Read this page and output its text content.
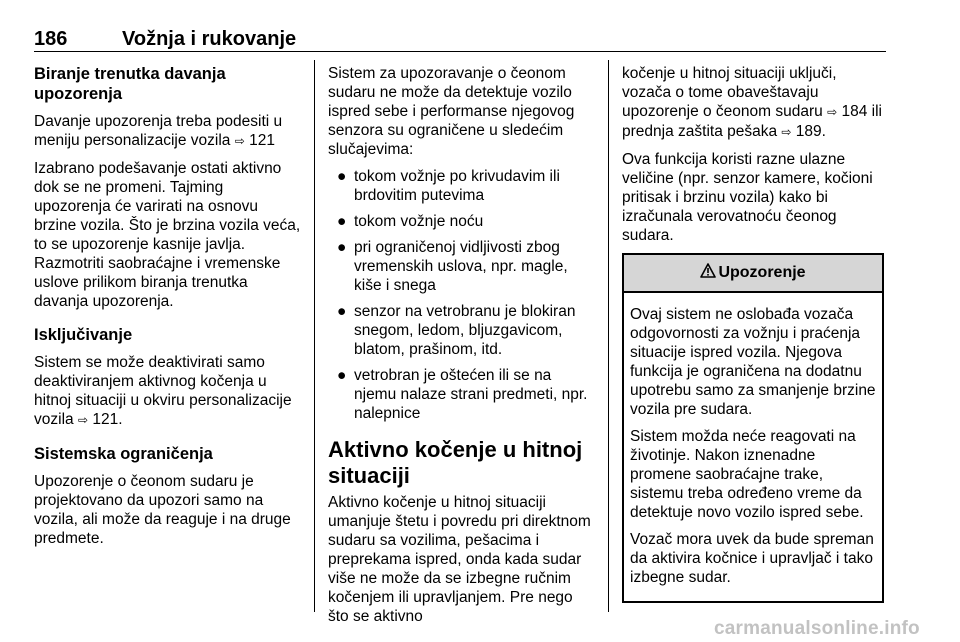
186	Vožnja i rukovanje
Biranje trenutka davanja upozorenja

Davanje upozorenja treba podesiti u meniju personalizacije vozila ⇨ 121

Izabrano podešavanje ostati aktivno dok se ne promeni. Tajming upozorenja će varirati na osnovu brzine vozila. Što je brzina vozila veća, to se upozorenje kasnije javlja. Razmotriti saobraćajne i vremenske uslove prilikom biranja trenutka davanja upozorenja.

Isključivanje

Sistem se može deaktivirati samo deaktiviranjem aktivnog kočenja u hitnoj situaciji u okviru personalizacije vozila ⇨ 121.

Sistemska ograničenja

Upozorenje o čeonom sudaru je projektovano da upozori samo na vozila, ali može da reaguje i na druge predmete.

Sistem za upozoravanje o čeonom sudaru ne može da detektuje vozilo ispred sebe i performanse njegovog senzora su ograničene u sledećim slučajevima:

● tokom vožnje po krivudavim ili brdovitim putevima
● tokom vožnje noću
● pri ograničenoj vidljivosti zbog vremenskih uslova, npr. magle, kiše i snega
● senzor na vetrobranu je blokiran snegom, ledom, bljuzgavicom, blatom, prašinom, itd.
● vetrobran je oštećen ili se na njemu nalaze strani predmeti, npr. nalepnice
Aktivno kočenje u hitnoj situaciji

Aktivno kočenje u hitnoj situaciji umanjuje štetu i povredu pri direktnom sudaru sa vozilima, pešacima i preprekama ispred, onda kada sudar više ne može da se izbegne ručnim kočenjem ili upravljanjem. Pre nego što se aktivno

kočenje u hitnoj situaciji uključi, vozača o tome obaveštavaju upozorenje o čeonom sudaru ⇨ 184 ili prednja zaštita pešaka ⇨ 189.

Ova funkcija koristi razne ulazne veličine (npr. senzor kamere, kočioni pritisak i brzinu vozila) kako bi izračunala verovatnoću čeonog sudara.

Upozorenje

Ovaj sistem ne oslobađa vozača odgovornosti za vožnju i praćenja situacije ispred vozila. Njegova funkcija je ograničena na dodatnu upotrebu samo za smanjenje brzine vozila pre sudara.

Sistem možda neće reagovati na životinje. Nakon iznenadne promene saobraćajne trake, sistemu treba određeno vreme da detektuje novo vozilo ispred sebe.

Vozač mora uvek da bude spreman da aktivira kočnice i upravljač i tako izbegne sudar.

carmanualsonline.info
